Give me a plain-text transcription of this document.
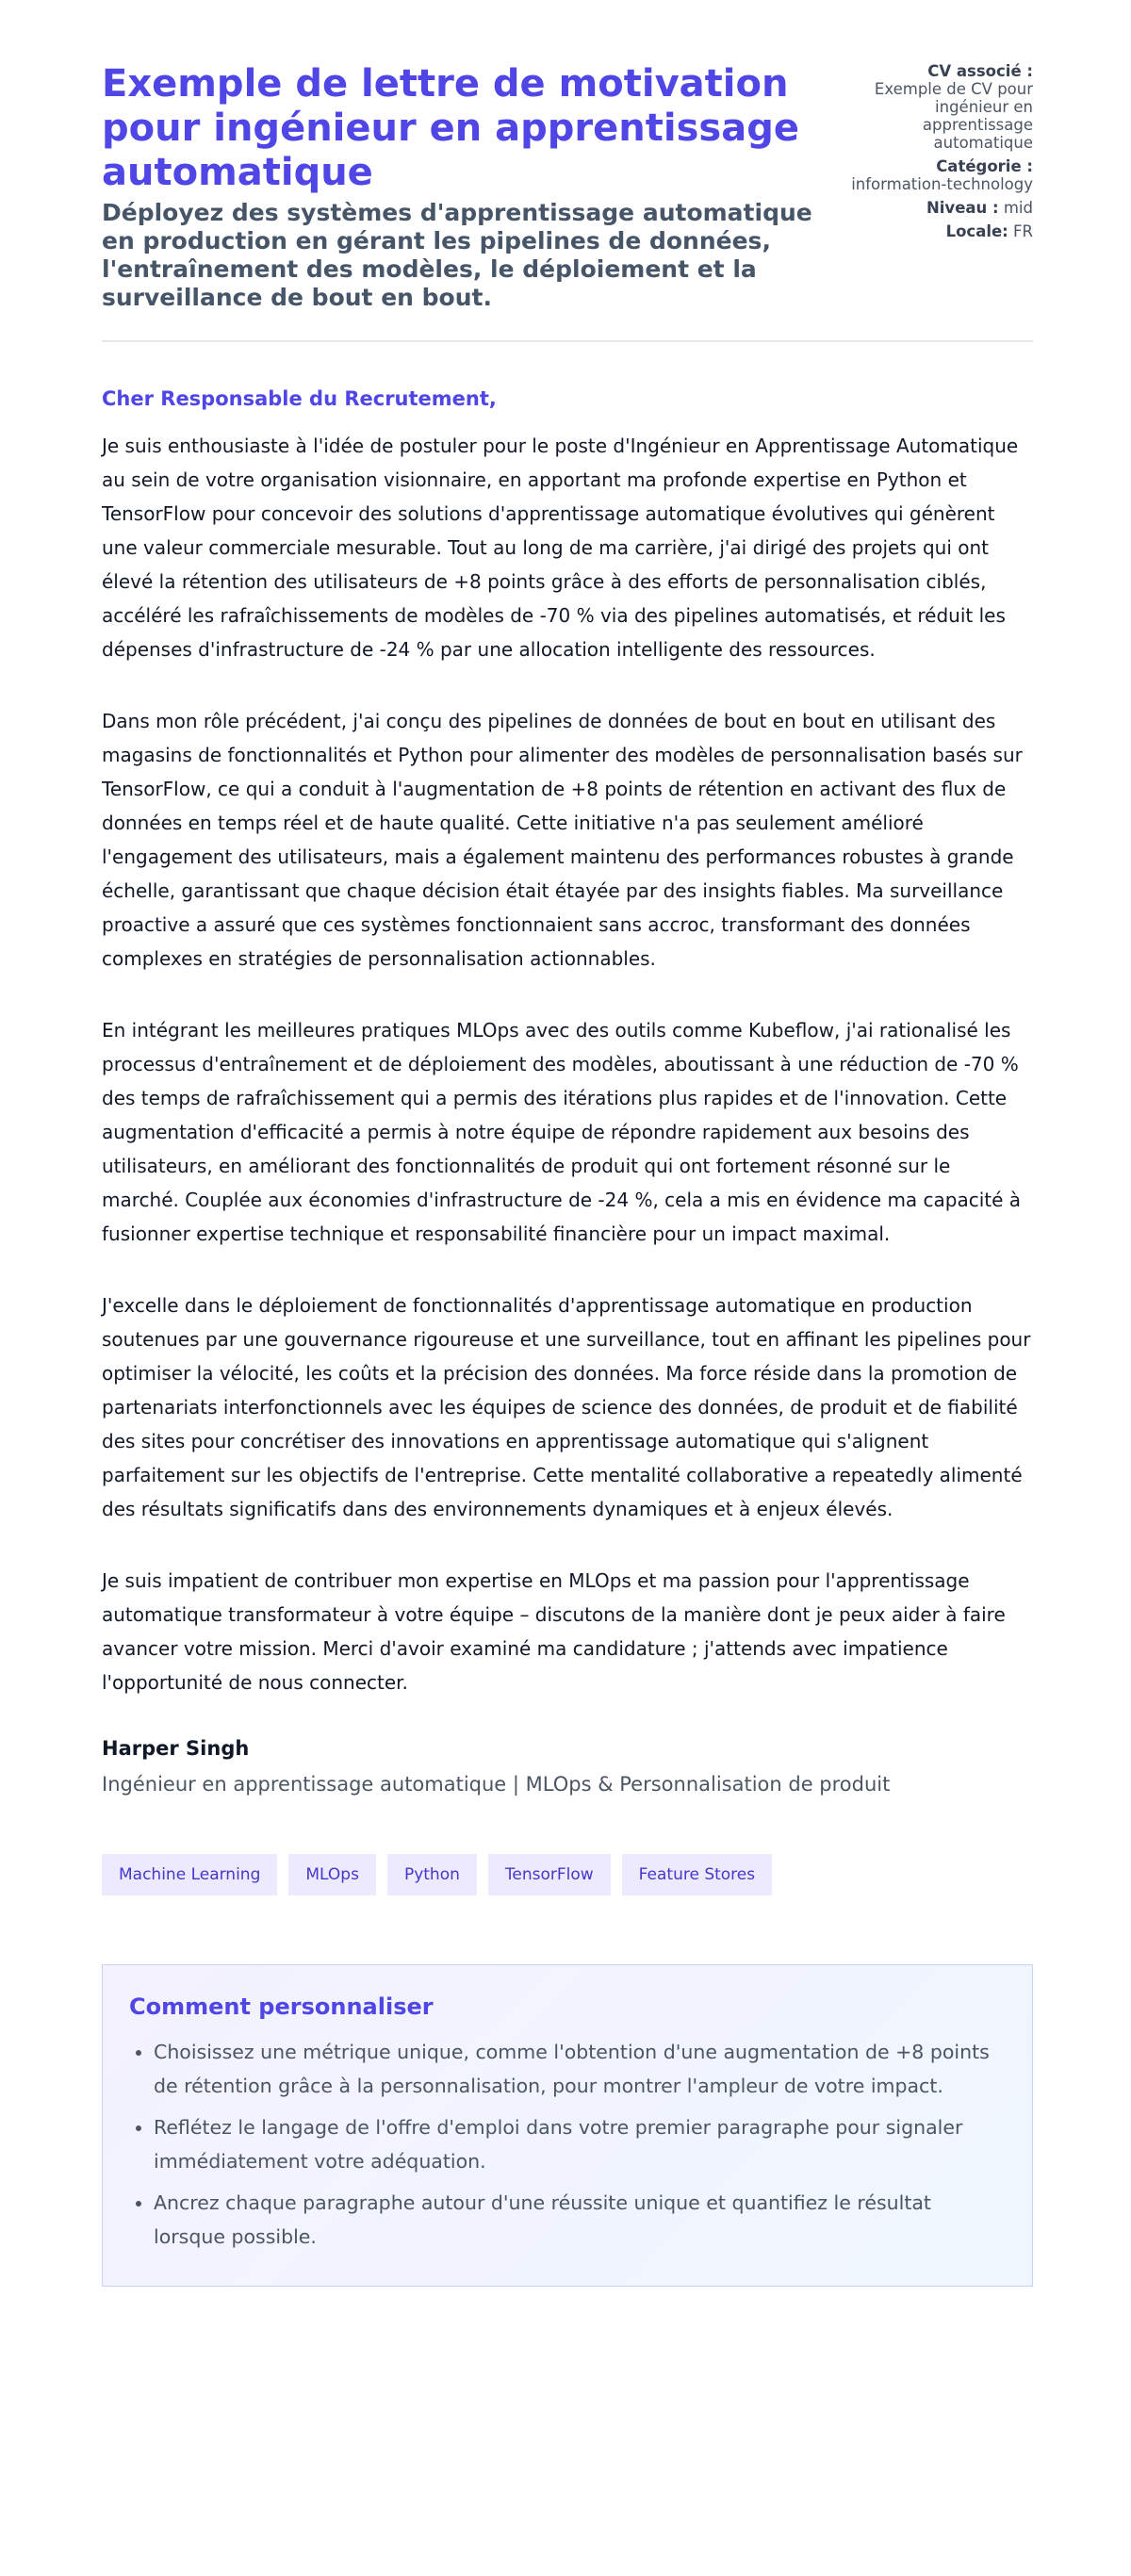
Exemple de lettre de motivation pour ingénieur en apprentissage automatique
Déployez des systèmes d'apprentissage automatique en production en gérant les pipelines de données, l'entraînement des modèles, le déploiement et la surveillance de bout en bout.
CV associé :
Exemple de CV pour ingénieur en apprentissage automatique
Catégorie :
information-technology
Niveau : mid
Locale: FR
Cher Responsable du Recrutement,

Je suis enthousiaste à l'idée de postuler pour le poste d'Ingénieur en Apprentissage Automatique au sein de votre organisation visionnaire, en apportant ma profonde expertise en Python et TensorFlow pour concevoir des solutions d'apprentissage automatique évolutives qui génèrent une valeur commerciale mesurable. Tout au long de ma carrière, j'ai dirigé des projets qui ont élevé la rétention des utilisateurs de +8 points grâce à des efforts de personnalisation ciblés, accéléré les rafraîchissements de modèles de -70 % via des pipelines automatisés, et réduit les dépenses d'infrastructure de -24 % par une allocation intelligente des ressources.

Dans mon rôle précédent, j'ai conçu des pipelines de données de bout en bout en utilisant des magasins de fonctionnalités et Python pour alimenter des modèles de personnalisation basés sur TensorFlow, ce qui a conduit à l'augmentation de +8 points de rétention en activant des flux de données en temps réel et de haute qualité. Cette initiative n'a pas seulement amélioré l'engagement des utilisateurs, mais a également maintenu des performances robustes à grande échelle, garantissant que chaque décision était étayée par des insights fiables. Ma surveillance proactive a assuré que ces systèmes fonctionnaient sans accroc, transformant des données complexes en stratégies de personnalisation actionnables.

En intégrant les meilleures pratiques MLOps avec des outils comme Kubeflow, j'ai rationalisé les processus d'entraînement et de déploiement des modèles, aboutissant à une réduction de -70 % des temps de rafraîchissement qui a permis des itérations plus rapides et de l'innovation. Cette augmentation d'efficacité a permis à notre équipe de répondre rapidement aux besoins des utilisateurs, en améliorant des fonctionnalités de produit qui ont fortement résonné sur le marché. Couplée aux économies d'infrastructure de -24 %, cela a mis en évidence ma capacité à fusionner expertise technique et responsabilité financière pour un impact maximal.

J'excelle dans le déploiement de fonctionnalités d'apprentissage automatique en production soutenues par une gouvernance rigoureuse et une surveillance, tout en affinant les pipelines pour optimiser la vélocité, les coûts et la précision des données. Ma force réside dans la promotion de partenariats interfonctionnels avec les équipes de science des données, de produit et de fiabilité des sites pour concrétiser des innovations en apprentissage automatique qui s'alignent parfaitement sur les objectifs de l'entreprise. Cette mentalité collaborative a repeatedly alimenté des résultats significatifs dans des environnements dynamiques et à enjeux élevés.

Je suis impatient de contribuer mon expertise en MLOps et ma passion pour l'apprentissage automatique transformateur à votre équipe – discutons de la manière dont je peux aider à faire avancer votre mission. Merci d'avoir examiné ma candidature ; j'attends avec impatience l'opportunité de nous connecter.

Harper Singh
Ingénieur en apprentissage automatique | MLOps & Personnalisation de produit
Machine Learning	MLOps	Python	TensorFlow	Feature Stores
Comment personnaliser
• Choisissez une métrique unique, comme l'obtention d'une augmentation de +8 points de rétention grâce à la personnalisation, pour montrer l'ampleur de votre impact.
• Reflétez le langage de l'offre d'emploi dans votre premier paragraphe pour signaler immédiatement votre adéquation.
• Ancrez chaque paragraphe autour d'une réussite unique et quantifiez le résultat lorsque possible.
